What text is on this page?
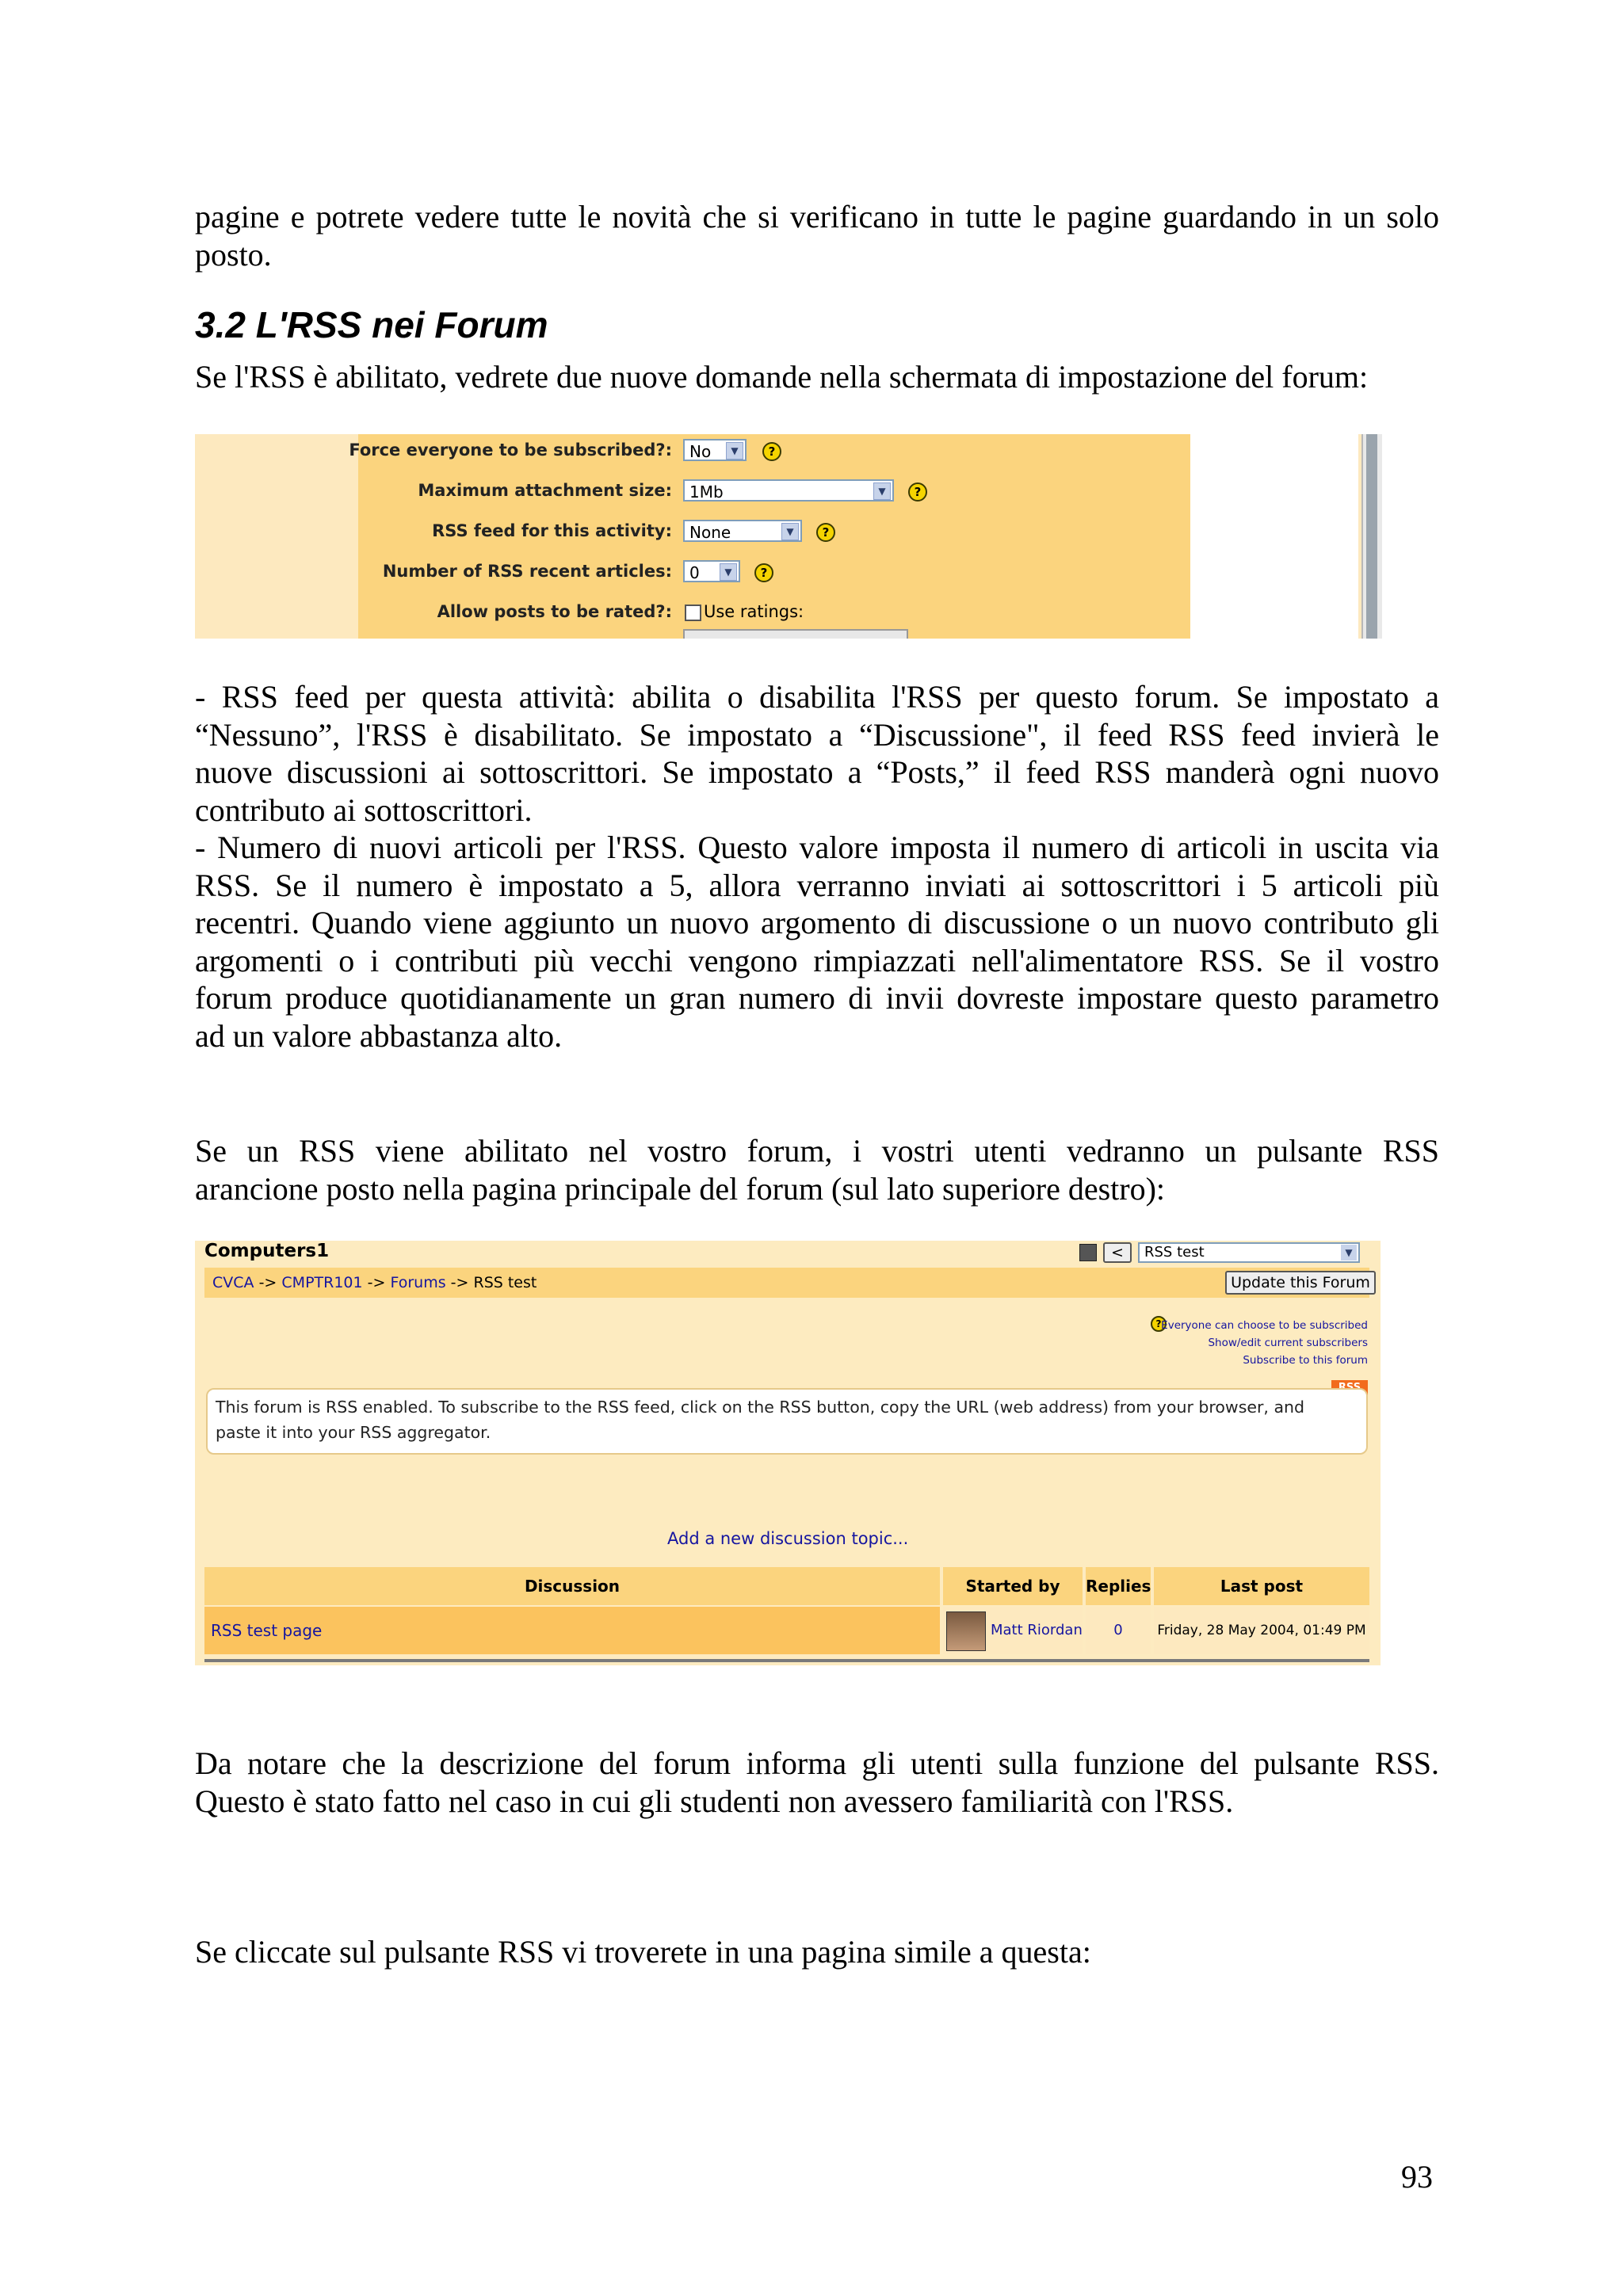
pagine e potrete vedere tutte le novità che si verificano in tutte le pagine guardando in un solo
posto.
3.2 L'RSS nei Forum
Se l'RSS è abilitato, vedrete due nuove domande nella schermata di impostazione del forum:
Force everyone to be subscribed?:	No	▼	?
Maximum attachment size:	1Mb	▼	?
RSS feed for this activity:	None	▼	?
Number of RSS recent articles:	0	▼	?
Allow posts to be rated?: Use ratings:
- RSS feed per questa attività: abilita o disabilita l'RSS per questo forum. Se impostato a
“Nessuno”, l'RSS è disabilitato. Se impostato a “Discussione", il feed RSS feed invierà le
nuove discussioni ai sottoscrittori. Se impostato a “Posts,” il feed RSS manderà ogni nuovo
contributo ai sottoscrittori.
- Numero di nuovi articoli per l'RSS. Questo valore imposta il numero di articoli in uscita via
RSS. Se il numero è impostato a 5, allora verranno inviati ai sottoscrittori i 5 articoli più
recentri. Quando viene aggiunto un nuovo argomento di discussione o un nuovo contributo gli
argomenti o i contributi più vecchi vengono rimpiazzati nell'alimentatore RSS. Se il vostro
forum produce quotidianamente un gran numero di invii dovreste impostare questo parametro
ad un valore abbastanza alto.
Se un RSS viene abilitato nel vostro forum, i vostri utenti vedranno un pulsante RSS
arancione posto nella pagina principale del forum (sul lato superiore destro):
Computers1	<	RSS test	▼
CVCA -> CMPTR101 -> Forums -> RSS test	Update this Forum
? Everyone can choose to be subscribed
Show/edit current subscribers
Subscribe to this forum
This forum is RSS enabled. To subscribe to the RSS feed, click on the RSS button, copy the URL (web address) from your browser, and
paste it into your RSS aggregator.
Add a new discussion topic...
Discussion	Started by	Replies	Last post
RSS test page	Matt Riordan	0	Friday, 28 May 2004, 01:49 PM
Da notare che la descrizione del forum informa gli utenti sulla funzione del pulsante RSS.
Questo è stato fatto nel caso in cui gli studenti non avessero familiarità con l'RSS.
Se cliccate sul pulsante RSS vi troverete in una pagina simile a questa:
93
